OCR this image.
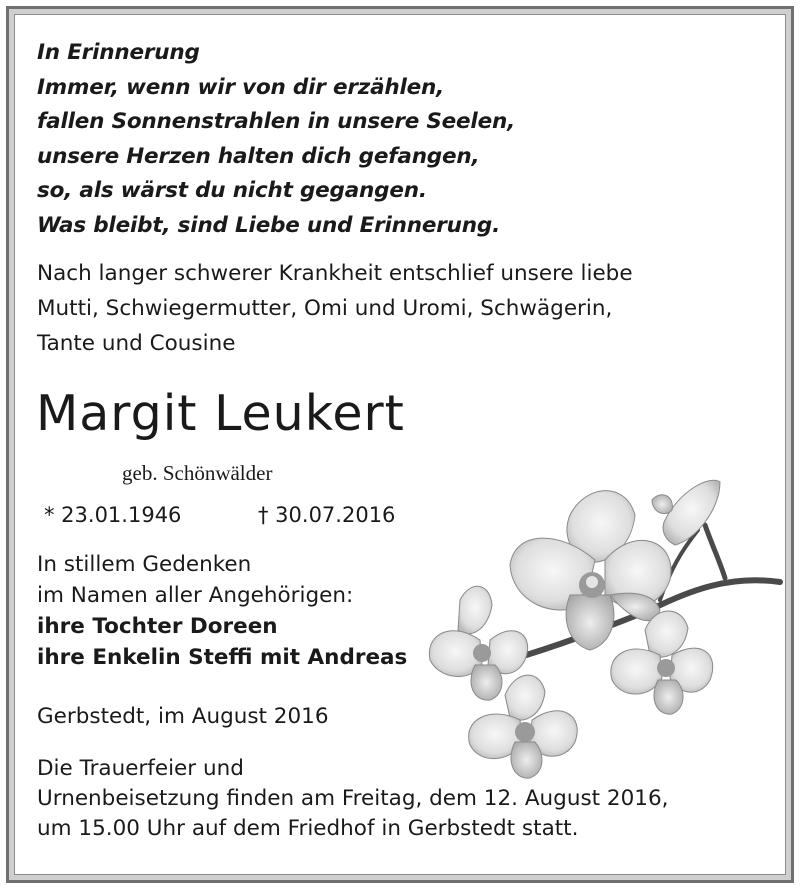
In Erinnerung
Immer, wenn wir von dir erzählen,
fallen Sonnenstrahlen in unsere Seelen,
unsere Herzen halten dich gefangen,
so, als wärst du nicht gegangen.
Was bleibt, sind Liebe und Erinnerung.
Nach langer schwerer Krankheit entschlief unsere liebe
Mutti, Schwiegermutter, Omi und Uromi, Schwägerin,
Tante und Cousine
Margit Leukert
geb. Schönwälder
* 23.01.1946	† 30.07.2016
In stillem Gedenken
im Namen aller Angehörigen:
ihre Tochter Doreen
ihre Enkelin Steffi mit Andreas
Gerbstedt, im August 2016
Die Trauerfeier und
Urnenbeisetzung finden am Freitag, dem 12. August 2016,
um 15.00 Uhr auf dem Friedhof in Gerbstedt statt.
